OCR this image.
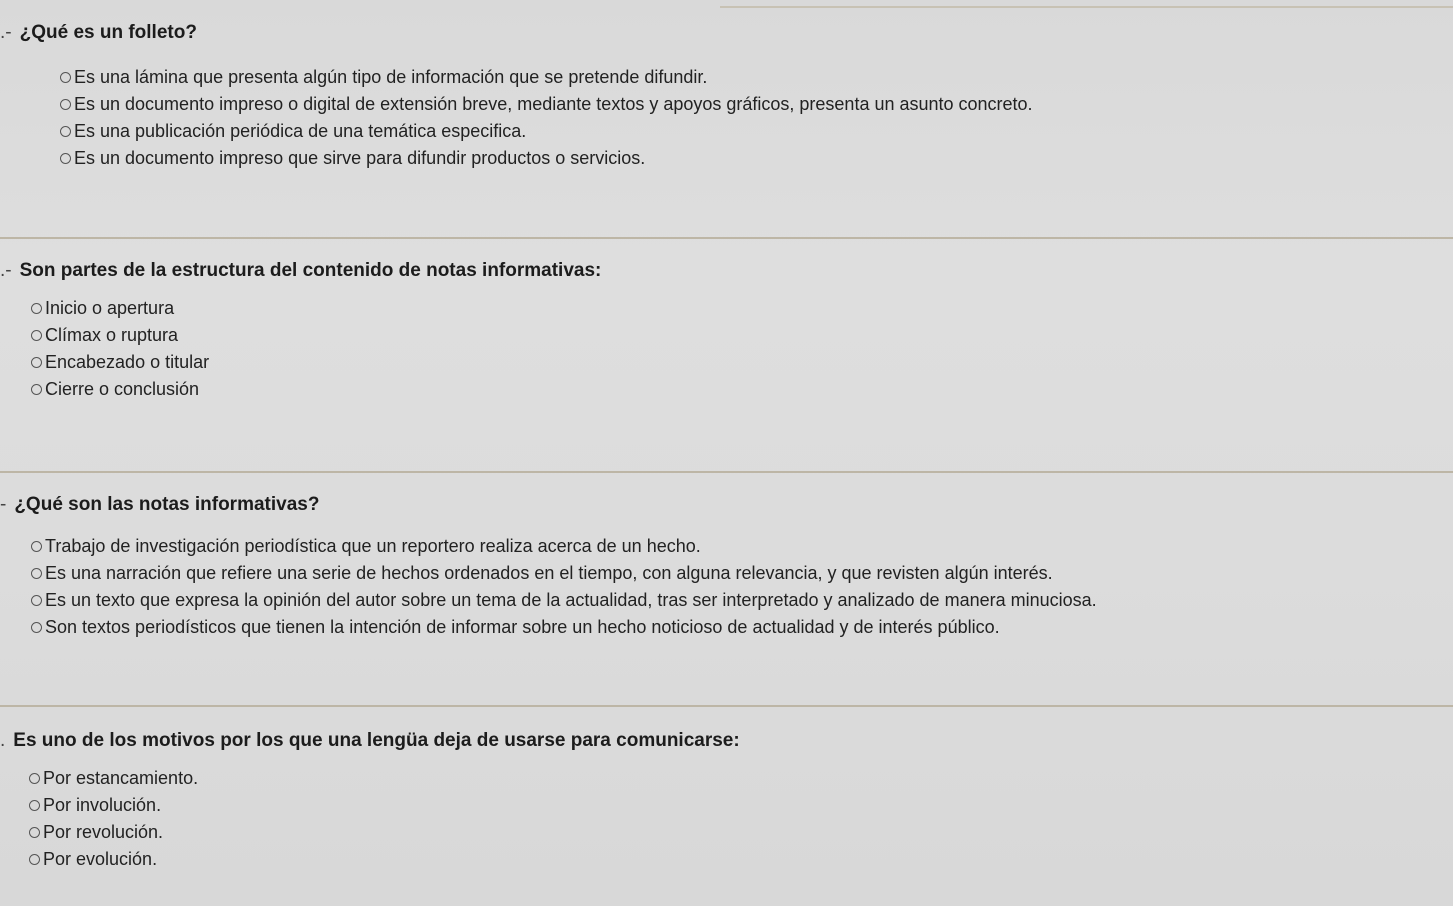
.- ¿Qué es un folleto?
Es una lámina que presenta algún tipo de información que se pretende difundir.
Es un documento impreso o digital de extensión breve, mediante textos y apoyos gráficos, presenta un asunto concreto.
Es una publicación periódica de una temática especifica.
Es un documento impreso que sirve para difundir productos o servicios.
.- Son partes de la estructura del contenido de notas informativas:
Inicio o apertura
Clímax o ruptura
Encabezado o titular
Cierre o conclusión
- ¿Qué son las notas informativas?
Trabajo de investigación periodística que un reportero realiza acerca de un hecho.
Es una narración que refiere una serie de hechos ordenados en el tiempo, con alguna relevancia, y que revisten algún interés.
Es un texto que expresa la opinión del autor sobre un tema de la actualidad, tras ser interpretado y analizado de manera minuciosa.
Son textos periodísticos que tienen la intención de informar sobre un hecho noticioso de actualidad y de interés público.
. Es uno de los motivos por los que una lengüa deja de usarse para comunicarse:
Por estancamiento.
Por involución.
Por revolución.
Por evolución.
